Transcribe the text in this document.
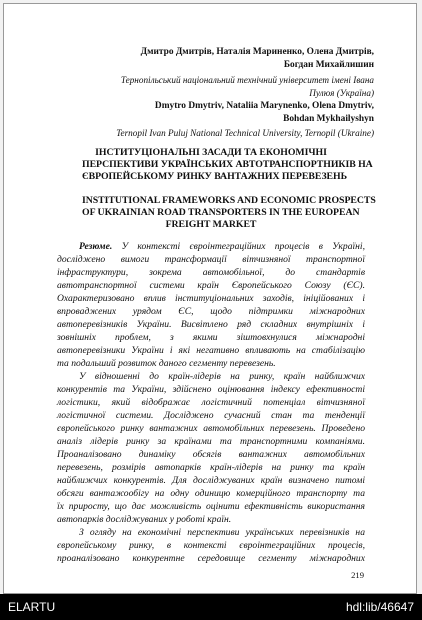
Дмитро Дмитрів, Наталія Мариненко, Олена Дмитрів,

Богдан Михайлишин

Тернопільський національний технічний університет імені Івана

Пулюя (Україна)

Dmytro Dmytriv, Nataliia Marynenko, Olena Dmytriv,

Bohdan Mykhailyshyn

Ternopil Ivan Puluj National Technical University, Ternopil (Ukraine)

ІНСТИТУЦІОНАЛЬНІ ЗАСАДИ ТА ЕКОНОМІЧНІ

ПЕРСПЕКТИВИ УКРАЇНСЬКИХ АВТОТРАНСПОРТНИКІВ НА

ЄВРОПЕЙСЬКОМУ РИНКУ ВАНТАЖНИХ ПЕРЕВЕЗЕНЬ

INSTITUTIONAL FRAMEWORKS AND ECONOMIC PROSPECTS

OF UKRAINIAN ROAD TRANSPORTERS IN THE EUROPEAN

FREIGHT MARKET

Резюме. У контексті євроінтеграційних процесів в Україні,

досліджено вимоги трансформації вітчизняної транспортної

інфраструктури, зокрема автомобільної, до стандартів

автотранспортної системи країн Європейського Союзу (ЄС).

Охарактеризовано вплив інституціональних заходів, ініційованих і

впроваджених урядом ЄС, щодо підтримки міжнародних

автоперевізників України. Висвітлено ряд складних внутрішніх і

зовнішніх проблем, з якими зіштовхнулися міжнародні

автоперевізники України і які негативно впливають на стабілізацію

та подальший розвиток даного сегменту перевезень.

У відношенні до країн-лідерів на ринку, країн найближчих

конкурентів та України, здійснено оцінювання індексу ефективності

логістики, який відображає логістичний потенціал вітчизняної

логістичної системи. Досліджено сучасний стан та тенденції

європейського ринку вантажних автомобільних перевезень. Проведено

аналіз лідерів ринку за країнами та транспортними компаніями.

Проаналізовано динаміку обсягів вантажних автомобільних

перевезень, розмірів автопарків країн-лідерів на ринку та країн

найближчих конкурентів. Для досліджуваних країн визначено питомі

обсяги вантажообігу на одну одиницю комерційного транспорту та

їх приросту, що дає можливість оцінити ефективність використання

автопарків досліджуваних у роботі країн.

З огляду на економічні перспективи українських перевізників на

європейському ринку, в контексті євроінтеграційних процесів,

проаналізовано конкурентне середовище сегменту міжнародних

219
ELARTU	hdl:lib/46647
